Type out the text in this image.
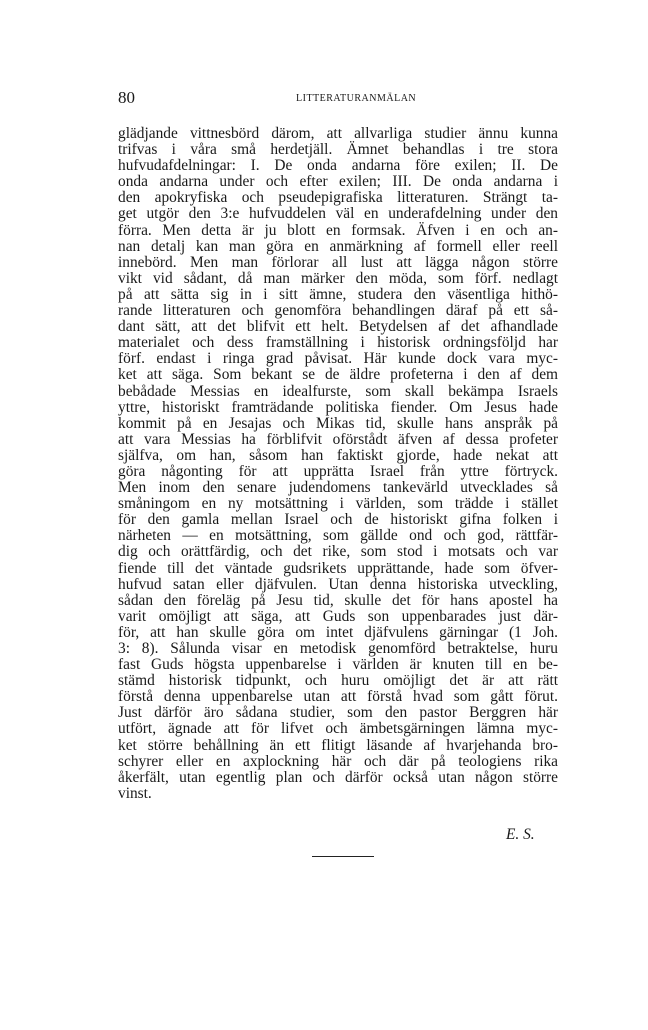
80	LITTERATURANMÄLAN
glädjande vittnesbörd därom, att allvarliga studier ännu kunna
trifvas i våra små herdetjäll. Ämnet behandlas i tre stora
hufvudafdelningar: I. De onda andarna före exilen; II. De
onda andarna under och efter exilen; III. De onda andarna i
den apokryfiska och pseudepigrafiska litteraturen. Strängt ta-
get utgör den 3:e hufvuddelen väl en underafdelning under den
förra. Men detta är ju blott en formsak. Äfven i en och an-
nan detalj kan man göra en anmärkning af formell eller reell
innebörd. Men man förlorar all lust att lägga någon större
vikt vid sådant, då man märker den möda, som förf. nedlagt
på att sätta sig in i sitt ämne, studera den väsentliga hithö-
rande litteraturen och genomföra behandlingen däraf på ett så-
dant sätt, att det blifvit ett helt. Betydelsen af det afhandlade
materialet och dess framställning i historisk ordningsföljd har
förf. endast i ringa grad påvisat. Här kunde dock vara myc-
ket att säga. Som bekant se de äldre profeterna i den af dem
bebådade Messias en idealfurste, som skall bekämpa Israels
yttre, historiskt framträdande politiska fiender. Om Jesus hade
kommit på en Jesajas och Mikas tid, skulle hans anspråk på
att vara Messias ha förblifvit oförstådt äfven af dessa profeter
själfva, om han, såsom han faktiskt gjorde, hade nekat att
göra någonting för att upprätta Israel från yttre förtryck.
Men inom den senare judendomens tankevärld utvecklades så
småningom en ny motsättning i världen, som trädde i stället
för den gamla mellan Israel och de historiskt gifna folken i
närheten — en motsättning, som gällde ond och god, rättfär-
dig och orättfärdig, och det rike, som stod i motsats och var
fiende till det väntade gudsrikets upprättande, hade som öfver-
hufvud satan eller djäfvulen. Utan denna historiska utveckling,
sådan den föreläg på Jesu tid, skulle det för hans apostel ha
varit omöjligt att säga, att Guds son uppenbarades just där-
för, att han skulle göra om intet djäfvulens gärningar (1 Joh.
3: 8). Sålunda visar en metodisk genomförd betraktelse, huru
fast Guds högsta uppenbarelse i världen är knuten till en be-
stämd historisk tidpunkt, och huru omöjligt det är att rätt
förstå denna uppenbarelse utan att förstå hvad som gått förut.
Just därför äro sådana studier, som den pastor Berggren här
utfört, ägnade att för lifvet och ämbetsgärningen lämna myc-
ket större behållning än ett flitigt läsande af hvarjehanda bro-
schyrer eller en axplockning här och där på teologiens rika
åkerfält, utan egentlig plan och därför också utan någon större
vinst.
E. S.
